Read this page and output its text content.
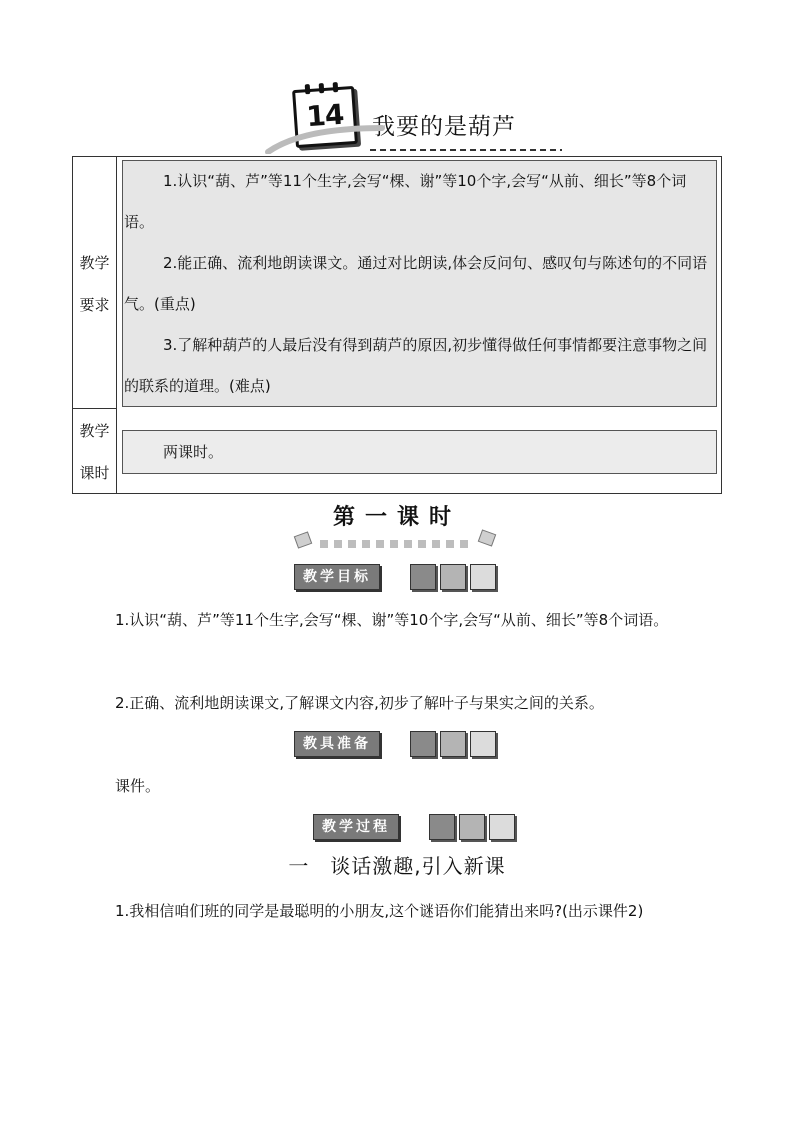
14	我要的是葫芦
教学
要求
1.认识“葫、芦”等11个生字,会写“棵、谢”等10个字,会写“从前、细长”等8个词语。
2.能正确、流利地朗读课文。通过对比朗读,体会反问句、感叹句与陈述句的不同语气。(重点)
3.了解种葫芦的人最后没有得到葫芦的原因,初步懂得做任何事情都要注意事物之间的联系的道理。(难点)
教学
课时
两课时。
第一课时
教学目标
1.认识“葫、芦”等11个生字,会写“棵、谢”等10个字,会写“从前、细长”等8个词语。
2.正确、流利地朗读课文,了解课文内容,初步了解叶子与果实之间的关系。
教具准备
课件。
教学过程
一　谈话激趣,引入新课
1.我相信咱们班的同学是最聪明的小朋友,这个谜语你们能猜出来吗?(出示课件2)
